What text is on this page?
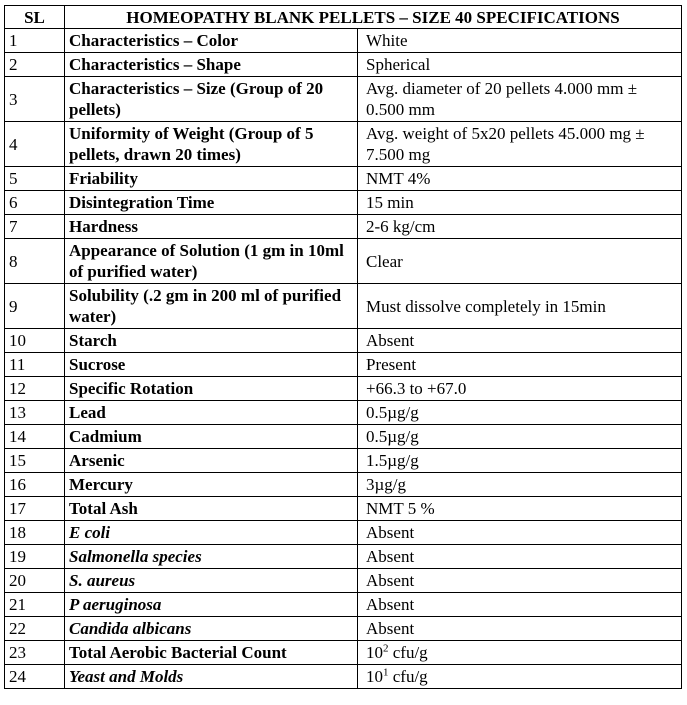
SL	HOMEOPATHY BLANK PELLETS – SIZE 40 SPECIFICATIONS	
1	Characteristics – Color	White
2	Characteristics – Shape	Spherical
3	Characteristics – Size (Group of 20 pellets)	Avg. diameter of 20 pellets 4.000 mm ± 0.500 mm
4	Uniformity of Weight (Group of 5 pellets, drawn 20 times)	Avg. weight of 5x20 pellets 45.000 mg ± 7.500 mg
5	Friability	NMT 4%
6	Disintegration Time	15 min
7	Hardness	2-6 kg/cm
8	Appearance of Solution (1 gm in 10ml of purified water)	Clear
9	Solubility (.2 gm in 200 ml of purified water)	Must dissolve completely in 15min
10	Starch	Absent
11	Sucrose	Present
12	Specific Rotation	+66.3 to +67.0
13	Lead	0.5µg/g
14	Cadmium	0.5µg/g
15	Arsenic	1.5µg/g
16	Mercury	3µg/g
17	Total Ash	NMT 5 %
18	E coli	Absent
19	Salmonella species	Absent
20	S. aureus	Absent
21	P aeruginosa	Absent
22	Candida albicans	Absent
23	Total Aerobic Bacterial Count	$10^2$ cfu/g
24	Yeast and Molds	$10^1$ cfu/g
